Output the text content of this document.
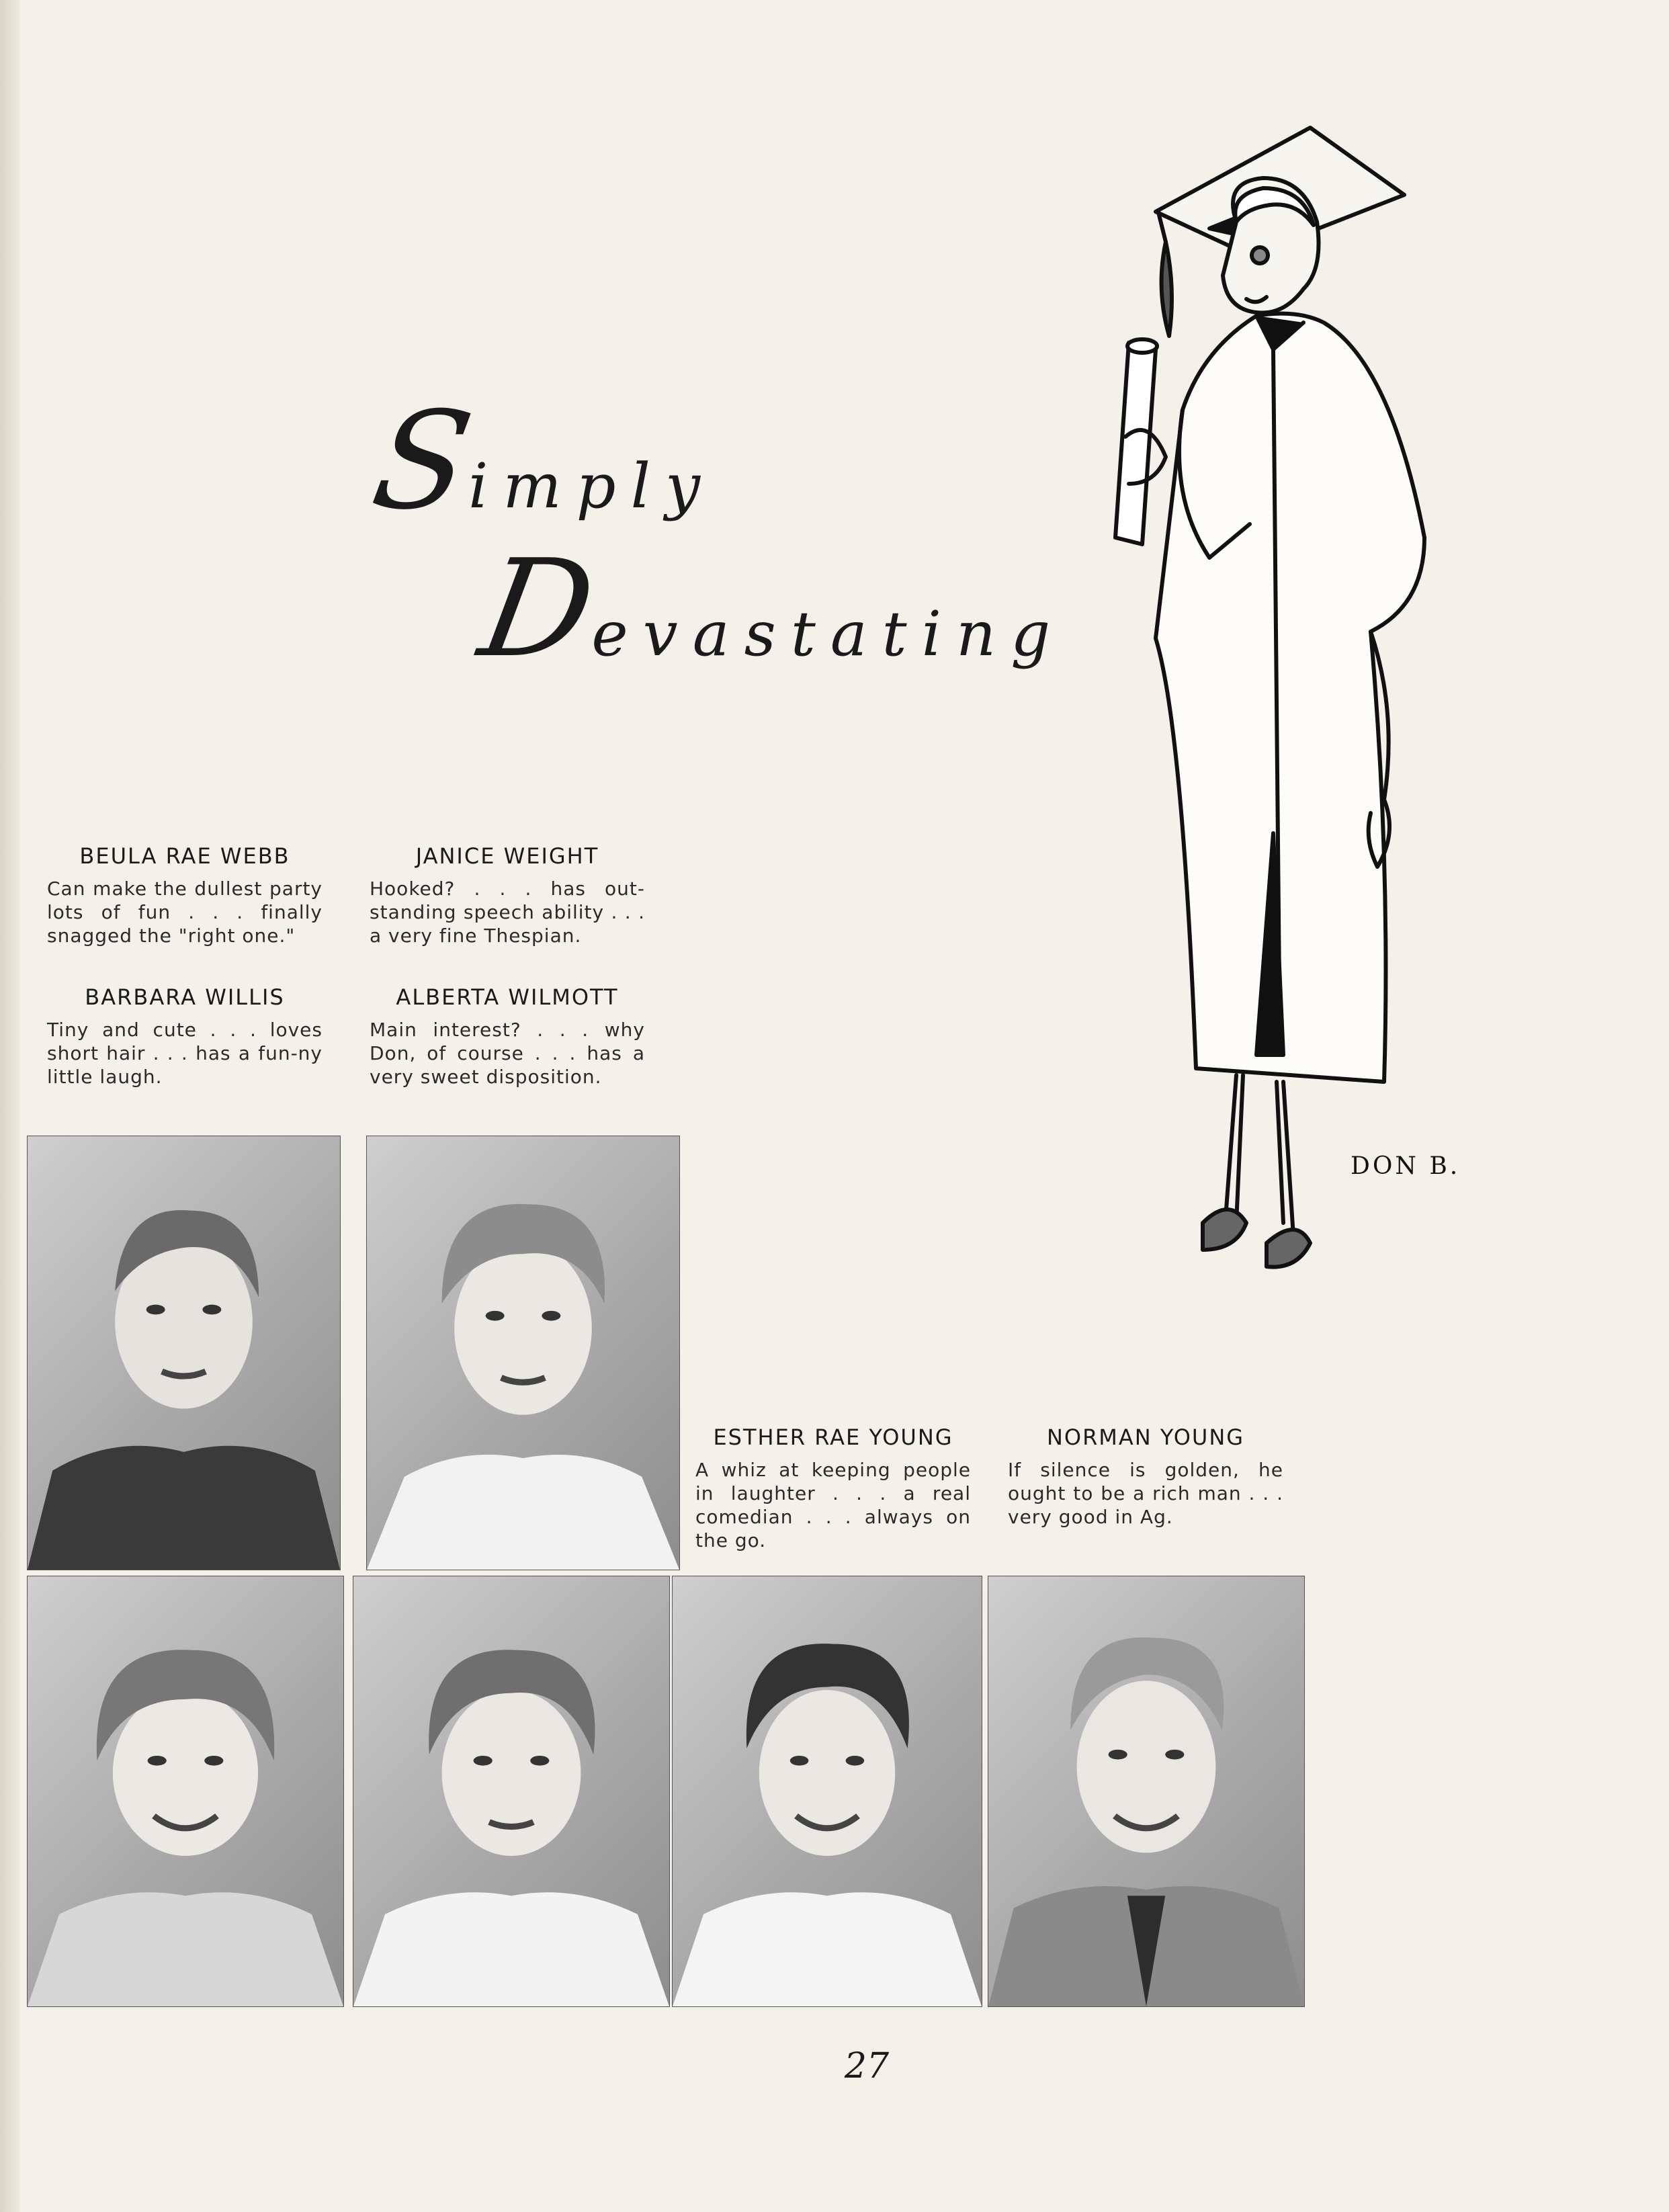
Simply
Devastating
BEULA RAE WEBB
Can make the dullest party lots of fun . . . finally snagged the "right one."
JANICE WEIGHT
Hooked? . . . has out-standing speech ability . . . a very fine Thespian.
BARBARA WILLIS
Tiny and cute . . . loves short hair . . . has a fun-ny little laugh.
ALBERTA WILMOTT
Main interest? . . . why Don, of course . . . has a very sweet disposition.
ESTHER RAE YOUNG
A whiz at keeping people in laughter . . . a real comedian . . . always on the go.
NORMAN YOUNG
If silence is golden, he ought to be a rich man . . . very good in Ag.
DON B.
27
